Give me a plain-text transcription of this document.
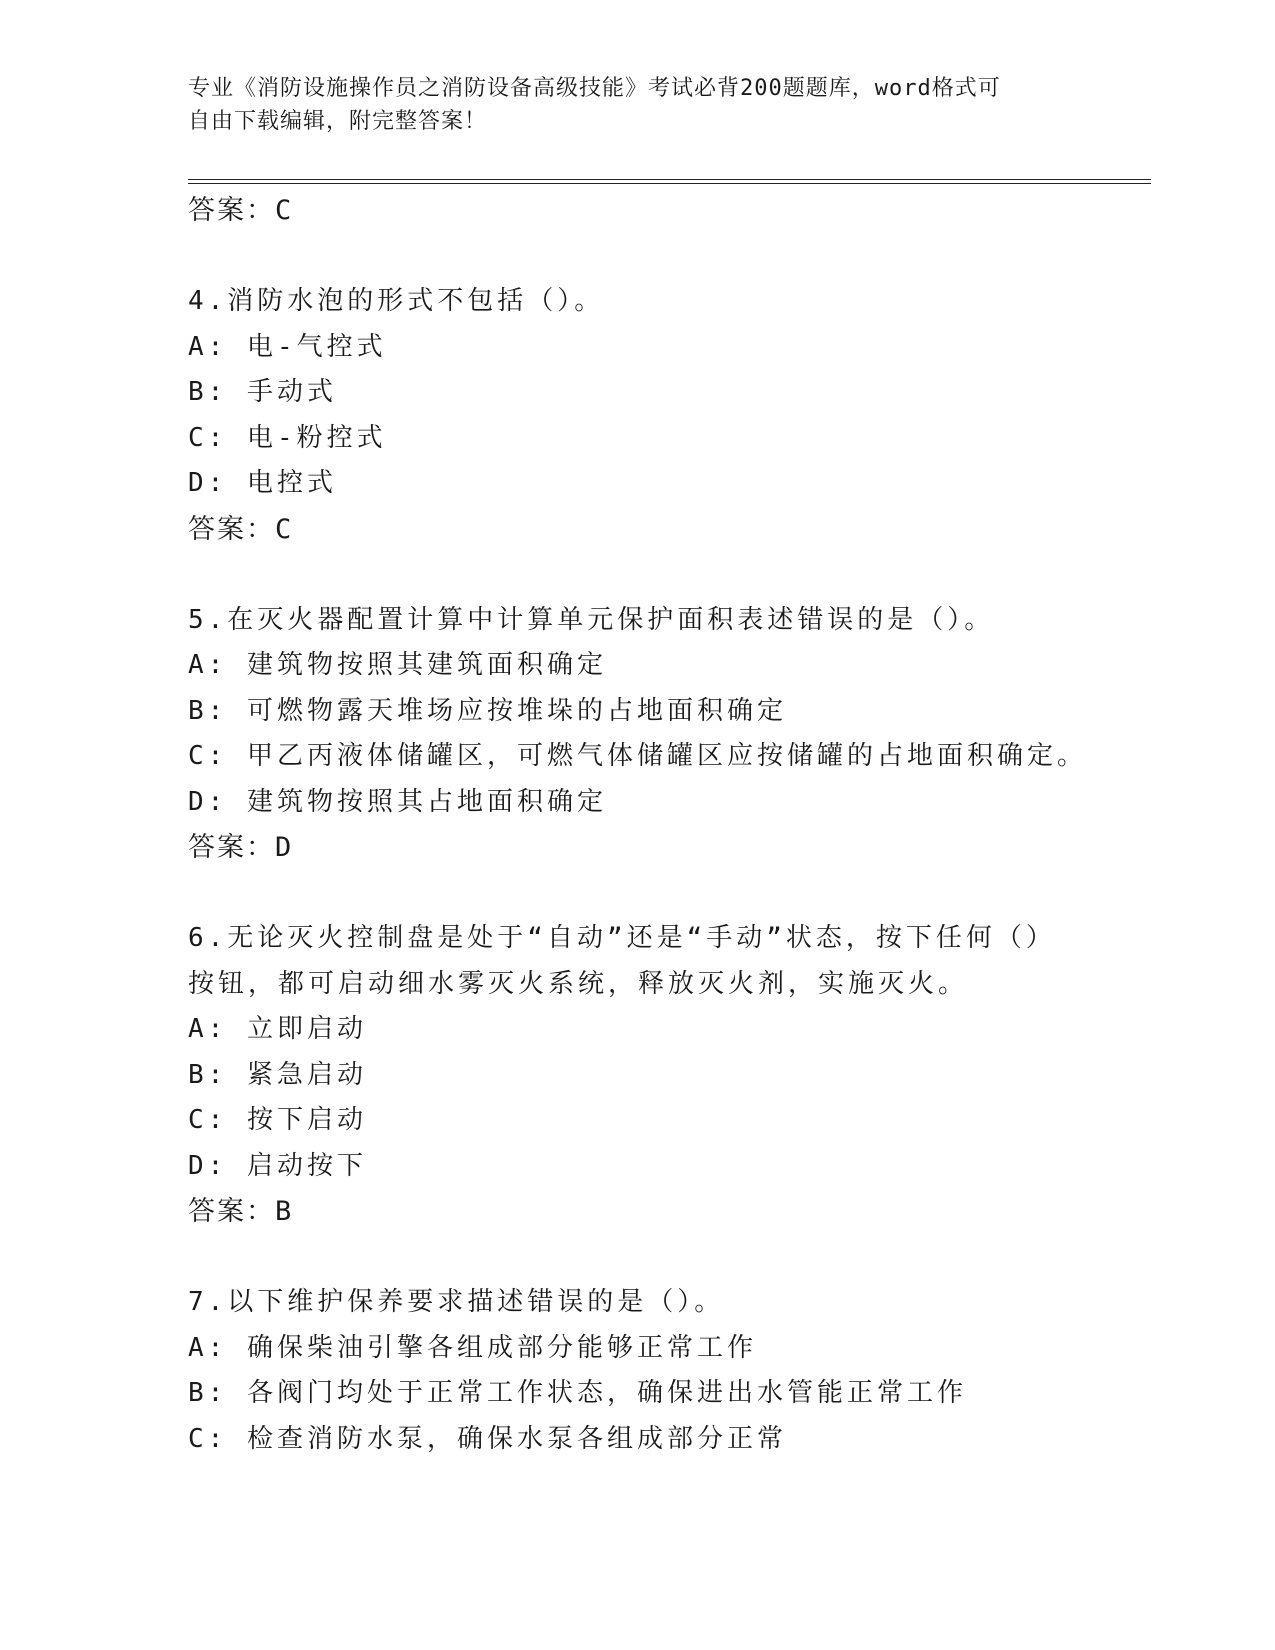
专业《消防设施操作员之消防设备高级技能》考试必背200题题库，word格式可
自由下载编辑，附完整答案！
答案：C
4.消防水泡的形式不包括（）。
A: 电-气控式
B: 手动式
C: 电-粉控式
D: 电控式
答案：C
5.在灭火器配置计算中计算单元保护面积表述错误的是（）。
A: 建筑物按照其建筑面积确定
B: 可燃物露天堆场应按堆垛的占地面积确定
C: 甲乙丙液体储罐区，可燃气体储罐区应按储罐的占地面积确定。
D: 建筑物按照其占地面积确定
答案：D
6.无论灭火控制盘是处于“自动”还是“手动”状态，按下任何（）
按钮，都可启动细水雾灭火系统，释放灭火剂，实施灭火。
A: 立即启动
B: 紧急启动
C: 按下启动
D: 启动按下
答案：B
7.以下维护保养要求描述错误的是（）。
A: 确保柴油引擎各组成部分能够正常工作
B: 各阀门均处于正常工作状态，确保进出水管能正常工作
C: 检查消防水泵，确保水泵各组成部分正常
